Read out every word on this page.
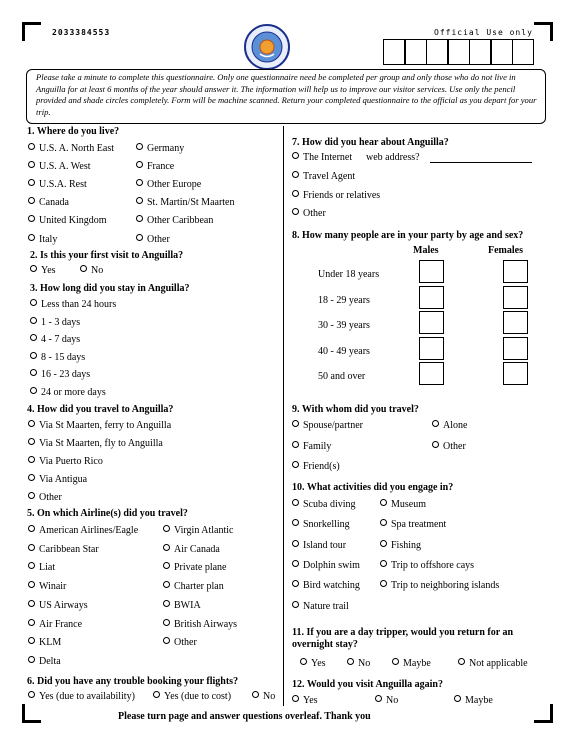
2033384553	Official Use only
Please take a minute to complete this questionnaire. Only one questionnaire need be completed per group and only those who do not live in Anguilla for at least 6 months of the year should answer it. The information will help us to improve our visitor services. Use only the pencil provided and shade circles completely. Form will be machine scanned. Return your completed questionnaire to the official as you depart for your trip.
1. Where do you live?
U.S. A. North East	Germany
U.S. A. West	France
U.S.A. Rest	Other Europe
Canada	St. Martin/St Maarten
United Kingdom	Other Caribbean
Italy	Other
2. Is this your first visit to Anguilla?
Yes	No
3. How long did you stay in Anguilla?
Less than 24 hours
1 - 3 days
4 - 7 days
8 - 15 days
16 - 23 days
24 or more days
4. How did you travel to Anguilla?
Via St Maarten, ferry to Anguilla
Via St Maarten, fly to Anguilla
Via Puerto Rico
Via Antigua
Other
5. On which Airline(s) did you travel?
American Airlines/Eagle	Virgin Atlantic
Caribbean Star	Air Canada
Liat	Private plane
Winair	Charter plan
US Airways	BWIA
Air France	British Airways
KLM	Other
Delta
6. Did you have any trouble booking your flights?
Yes (due to availability)	Yes (due to cost)	No
7. How did you hear about Anguilla?
The Internet
Travel Agent
Friends or relatives
Other
web address?
8. How many people are in your party by age and sex?
Males	Females
Under 18 years
18 - 29 years
30 - 39 years
40 - 49 years
50 and over
9. With whom did you travel?
Spouse/partner	Alone
Family	Other
Friend(s)
10. What activities did you engage in?
Scuba diving	Museum
Snorkelling	Spa treatment
Island tour	Fishing
Dolphin swim	Trip to offshore cays
Bird watching	Trip to neighboring islands
Nature trail
11. If you are a day tripper, would you return for an overnight stay?
Yes	No	Maybe	Not applicable
12. Would you visit Anguilla again?
Yes	No	Maybe
Please turn page and answer questions overleaf. Thank you
